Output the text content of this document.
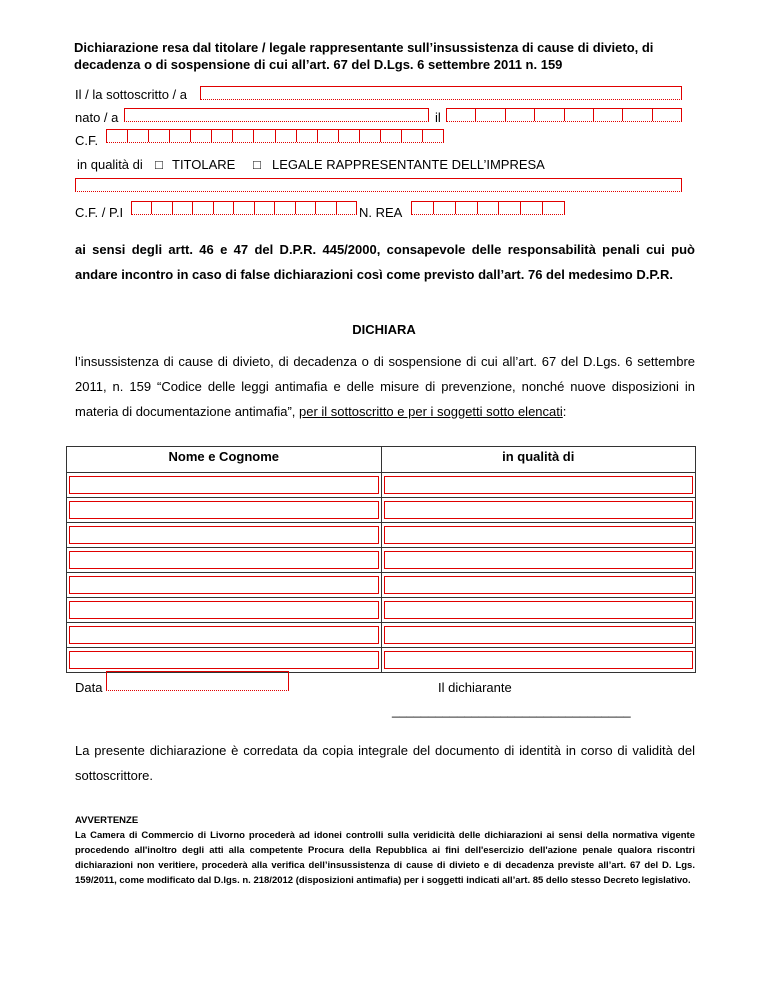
Dichiarazione resa dal titolare / legale rappresentante sull’insussistenza di cause di divieto, di decadenza o di sospensione di cui all’art. 67 del D.Lgs. 6 settembre 2011 n. 159
Il / la sottoscritto / a
nato / a	il
C.F.
in qualità di □ TITOLARE □ LEGALE RAPPRESENTANTE DELL’IMPRESA
C.F. / P.I	N. REA
ai sensi degli artt. 46 e 47 del D.P.R. 445/2000, consapevole delle responsabilità penali cui può andare incontro in caso di false dichiarazioni così come previsto dall’art. 76 del medesimo D.P.R.
DICHIARA
l’insussistenza di cause di divieto, di decadenza o di sospensione di cui all’art. 67 del D.Lgs. 6 settembre 2011, n. 159 “Codice delle leggi antimafia e delle misure di prevenzione, nonché nuove disposizioni in materia di documentazione antimafia”, per il sottoscritto e per i soggetti sotto elencati:
Nome e Cognome	in qualità di

Data	Il dichiarante
_________________________________
La presente dichiarazione è corredata da copia integrale del documento di identità in corso di validità del sottoscrittore.
AVVERTENZE
La Camera di Commercio di Livorno procederà ad idonei controlli sulla veridicità delle dichiarazioni ai sensi della normativa vigente procedendo all'inoltro degli atti alla competente Procura della Repubblica ai fini dell'esercizio dell'azione penale qualora riscontri dichiarazioni non veritiere, procederà alla verifica dell’insussistenza di cause di divieto e di decadenza previste all’art. 67 del D. Lgs. 159/2011, come modificato dal D.lgs. n. 218/2012 (disposizioni antimafia) per i soggetti indicati all’art. 85 dello stesso Decreto legislativo.
